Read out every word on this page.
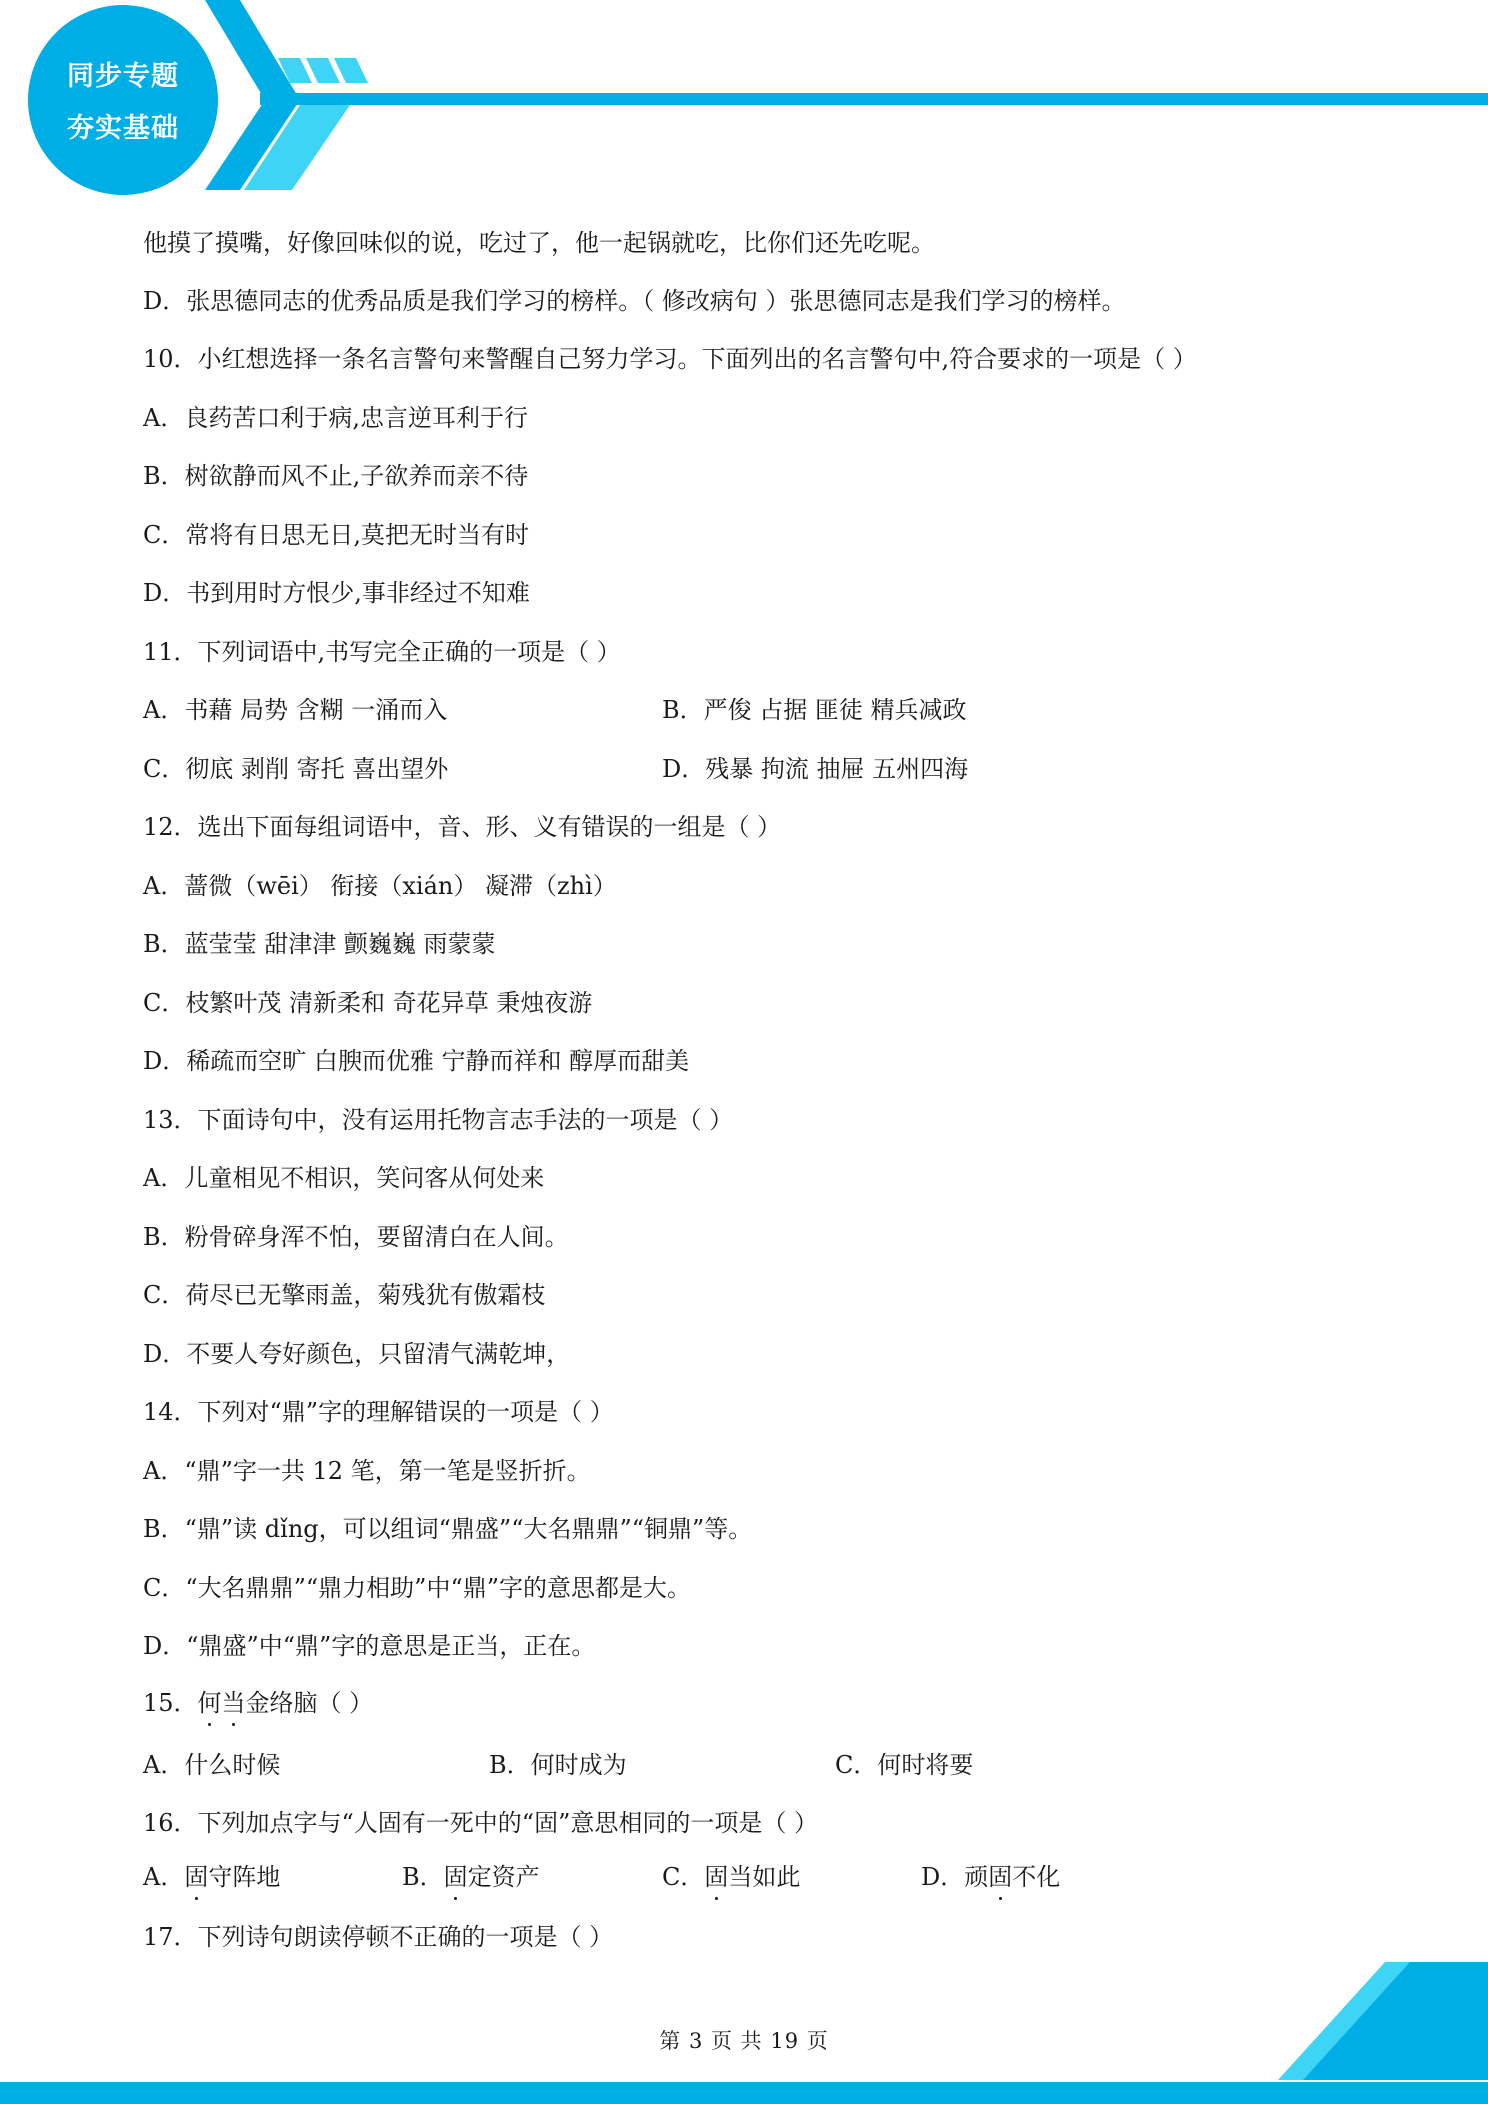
同步专题
夯实基础
他摸了摸嘴，好像回味似的说，吃过了，他一起锅就吃，比你们还先吃呢。
D．张思德同志的优秀品质是我们学习的榜样。（ 修改病句 ）张思德同志是我们学习的榜样。
10．小红想选择一条名言警句来警醒自己努力学习。下面列出的名言警句中,符合要求的一项是（ ）
A．良药苦口利于病,忠言逆耳利于行
B．树欲静而风不止,子欲养而亲不待
C．常将有日思无日,莫把无时当有时
D．书到用时方恨少,事非经过不知难
11．下列词语中,书写完全正确的一项是（ ）
A．书藉 局势 含糊 一涌而入	B．严俊 占据 匪徒 精兵减政
C．彻底 剥削 寄托 喜出望外	D．残暴 拘流 抽屉 五州四海
12．选出下面每组词语中，音、形、义有错误的一组是（ ）
A．蔷微（wēi） 衔接（xián） 凝滞（zhì）
B．蓝莹莹 甜津津 颤巍巍 雨蒙蒙
C．枝繁叶茂 清新柔和 奇花异草 秉烛夜游
D．稀疏而空旷 白腴而优雅 宁静而祥和 醇厚而甜美
13．下面诗句中，没有运用托物言志手法的一项是（ ）
A．儿童相见不相识，笑问客从何处来
B．粉骨碎身浑不怕，要留清白在人间。
C．荷尽已无擎雨盖，菊残犹有傲霜枝
D．不要人夸好颜色，只留清气满乾坤，
14．下列对“鼎”字的理解错误的一项是（ ）
A．“鼎”字一共 12 笔，第一笔是竖折折。
B．“鼎”读 dǐng，可以组词“鼎盛”“大名鼎鼎”“铜鼎”等。
C．“大名鼎鼎”“鼎力相助”中“鼎”字的意思都是大。
D．“鼎盛”中“鼎”字的意思是正当，正在。
15．何当金络脑（ ）
A．什么时候	B．何时成为	C．何时将要
16．下列加点字与“人固有一死中的“固”意思相同的一项是（ ）
A．固守阵地	B．固定资产	C．固当如此	D．顽固不化
17．下列诗句朗读停顿不正确的一项是（ ）
第 3 页 共 19 页
